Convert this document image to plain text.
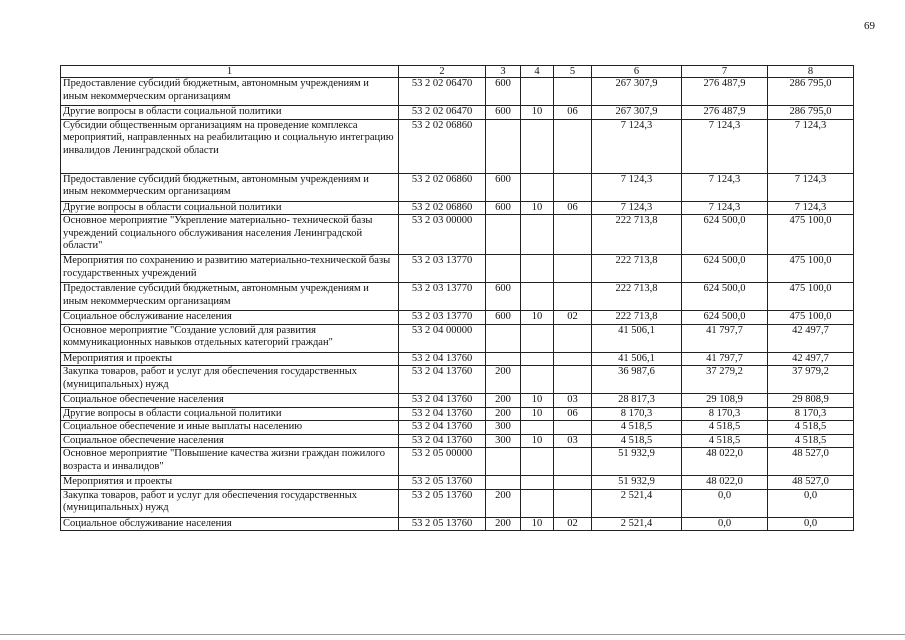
69
1	2	3	4	5	6	7	8
Предоставление субсидий бюджетным, автономным учреждениям и иным некоммерческим организациям	53 2 02 06470	600			267 307,9	276 487,9	286 795,0
Другие вопросы в области социальной политики	53 2 02 06470	600	10	06	267 307,9	276 487,9	286 795,0
Субсидии общественным организациям на проведение комплекса мероприятий, направленных на реабилитацию и социальную интеграцию инвалидов Ленинградской области	53 2 02 06860				7 124,3	7 124,3	7 124,3
Предоставление субсидий бюджетным, автономным учреждениям и иным некоммерческим организациям	53 2 02 06860	600			7 124,3	7 124,3	7 124,3
Другие вопросы в области социальной политики	53 2 02 06860	600	10	06	7 124,3	7 124,3	7 124,3
Основное мероприятие "Укрепление материально- технической базы учреждений социального обслуживания населения Ленинградской области"	53 2 03 00000				222 713,8	624 500,0	475 100,0
Мероприятия по сохранению и развитию материально-технической базы государственных учреждений	53 2 03 13770				222 713,8	624 500,0	475 100,0
Предоставление субсидий бюджетным, автономным учреждениям и иным некоммерческим организациям	53 2 03 13770	600			222 713,8	624 500,0	475 100,0
Социальное обслуживание населения	53 2 03 13770	600	10	02	222 713,8	624 500,0	475 100,0
Основное мероприятие "Создание условий для развития коммуникационных навыков отдельных категорий граждан"	53 2 04 00000				41 506,1	41 797,7	42 497,7
Мероприятия и проекты	53 2 04 13760				41 506,1	41 797,7	42 497,7
Закупка товаров, работ и услуг для обеспечения государственных (муниципальных) нужд	53 2 04 13760	200			36 987,6	37 279,2	37 979,2
Социальное обеспечение населения	53 2 04 13760	200	10	03	28 817,3	29 108,9	29 808,9
Другие вопросы в области социальной политики	53 2 04 13760	200	10	06	8 170,3	8 170,3	8 170,3
Социальное обеспечение и иные выплаты населению	53 2 04 13760	300			4 518,5	4 518,5	4 518,5
Социальное обеспечение населения	53 2 04 13760	300	10	03	4 518,5	4 518,5	4 518,5
Основное мероприятие "Повышение качества жизни граждан пожилого возраста и инвалидов"	53 2 05 00000				51 932,9	48 022,0	48 527,0
Мероприятия и проекты	53 2 05 13760				51 932,9	48 022,0	48 527,0
Закупка товаров, работ и услуг для обеспечения государственных (муниципальных) нужд	53 2 05 13760	200			2 521,4	0,0	0,0
Социальное обслуживание населения	53 2 05 13760	200	10	02	2 521,4	0,0	0,0
